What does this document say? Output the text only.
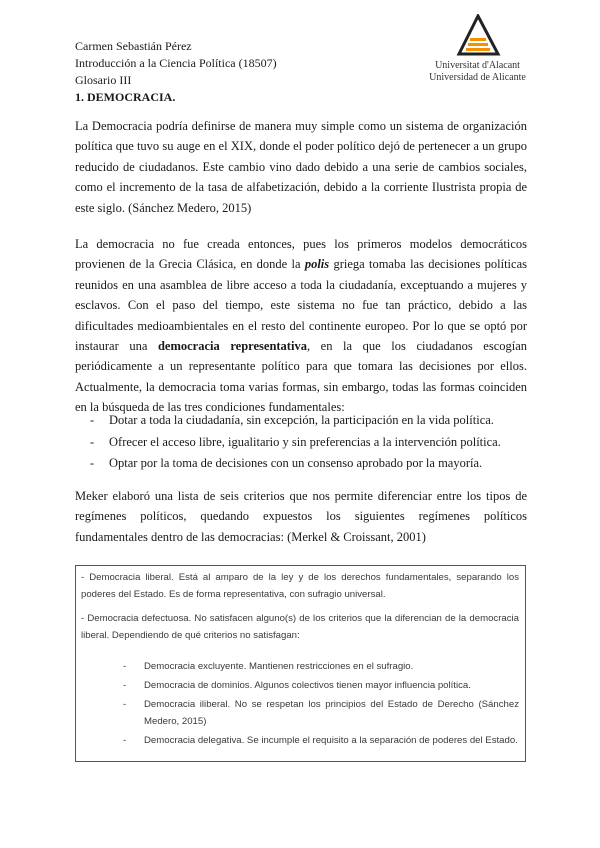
Carmen Sebastián Pérez
Introducción a la Ciencia Política (18507)
Glosario III
1. DEMOCRACIA.
Universitat d'Alacant
Universidad de Alicante

La Democracia podría definirse de manera muy simple como un sistema de organización política que tuvo su auge en el XIX, donde el poder político dejó de pertenecer a un grupo reducido de ciudadanos. Este cambio vino dado debido a una serie de cambios sociales, como el incremento de la tasa de alfabetización, debido a la corriente Ilustrista propia de este siglo. (Sánchez Medero, 2015)

La democracia no fue creada entonces, pues los primeros modelos democráticos provienen de la Grecia Clásica, en donde la polis griega tomaba las decisiones políticas reunidos en una asamblea de libre acceso a toda la ciudadanía, exceptuando a mujeres y esclavos. Con el paso del tiempo, este sistema no fue tan práctico, debido a las dificultades medioambientales en el resto del continente europeo. Por lo que se optó por instaurar una democracia representativa, en la que los ciudadanos escogían periódicamente a un representante político para que tomara las decisiones por ellos. Actualmente, la democracia toma varias formas, sin embargo, todas las formas coinciden en la búsqueda de las tres condiciones fundamentales:

- Dotar a toda la ciudadanía, sin excepción, la participación en la vida política.
- Ofrecer el acceso libre, igualitario y sin preferencias a la intervención política.
- Optar por la toma de decisiones con un consenso aprobado por la mayoría.

Meker elaboró una lista de seis criterios que nos permite diferenciar entre los tipos de regímenes políticos, quedando expuestos los siguientes regímenes políticos fundamentales dentro de las democracias: (Merkel & Croissant, 2001)

- Democracia liberal. Está al amparo de la ley y de los derechos fundamentales, separando los poderes del Estado. Es de forma representativa, con sufragio universal.

- Democracia defectuosa. No satisfacen alguno(s) de los criterios que la diferencian de la democracia liberal. Dependiendo de qué criterios no satisfagan:

- Democracia excluyente. Mantienen restricciones en el sufragio.
- Democracia de dominios. Algunos colectivos tienen mayor influencia política.
- Democracia iliberal. No se respetan los principios del Estado de Derecho (Sánchez Medero, 2015)
- Democracia delegativa. Se incumple el requisito a la separación de poderes del Estado.
